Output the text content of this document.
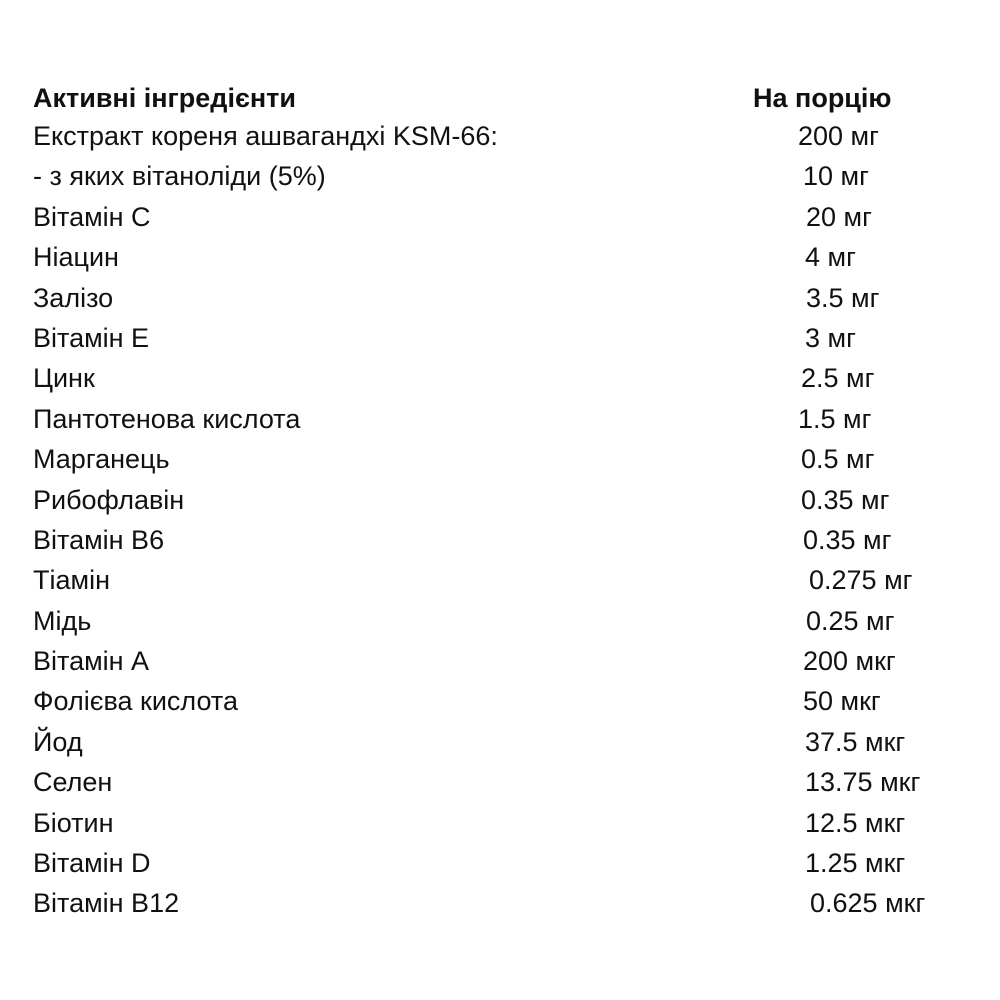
Активні інгредієнти	На порцію
Екстракт кореня ашвагандхі KSM-66:	200 мг
- з яких вітаноліди (5%)	10 мг
Вітамін C	20 мг
Ніацин	4 мг
Залізо	3.5 мг
Вітамін E	3 мг
Цинк	2.5 мг
Пантотенова кислота	1.5 мг
Марганець	0.5 мг
Рибофлавін	0.35 мг
Вітамін B6	0.35 мг
Тіамін	0.275 мг
Мідь	0.25 мг
Вітамін A	200 мкг
Фолієва кислота	50 мкг
Йод	37.5 мкг
Селен	13.75 мкг
Біотин	12.5 мкг
Вітамін D	1.25 мкг
Вітамін B12	0.625 мкг
